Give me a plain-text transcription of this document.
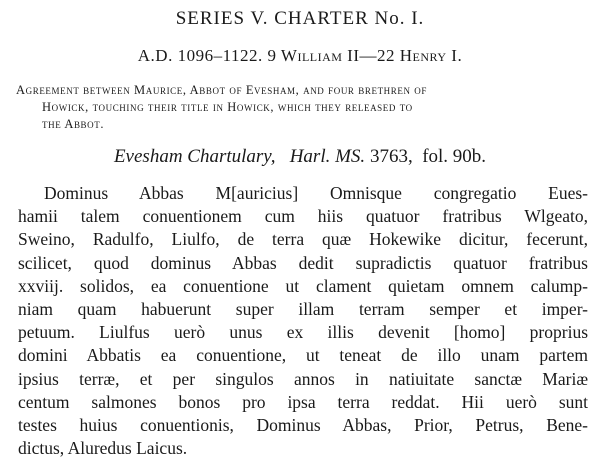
SERIES V. CHARTER No. I.
A.D. 1096–1122. 9 William II—22 Henry I.
Agreement between Maurice, Abbot of Evesham, and four brethren of

Howick, touching their title in Howick, which they released to
the Abbot.
Evesham Chartulary, Harl. MS. 3763, fol. 90b.
Dominus Abbas M[auricius] Omnisque congregatio Eues-
hamii talem conuentionem cum hiis quatuor fratribus Wlgeato,
Sweino, Radulfo, Liulfo, de terra quæ Hokewike dicitur, fecerunt,
scilicet, quod dominus Abbas dedit supradictis quatuor fratribus
xxviij. solidos, ea conuentione ut clament quietam omnem calump-
niam quam habuerunt super illam terram semper et imper-
petuum. Liulfus uerò unus ex illis devenit [homo] proprius
domini Abbatis ea conuentione, ut teneat de illo unam partem
ipsius terræ, et per singulos annos in natiuitate sanctæ Mariæ
centum salmones bonos pro ipsa terra reddat. Hii uerò sunt
testes huius conuentionis, Dominus Abbas, Prior, Petrus, Bene-
dictus, Aluredus Laicus.
